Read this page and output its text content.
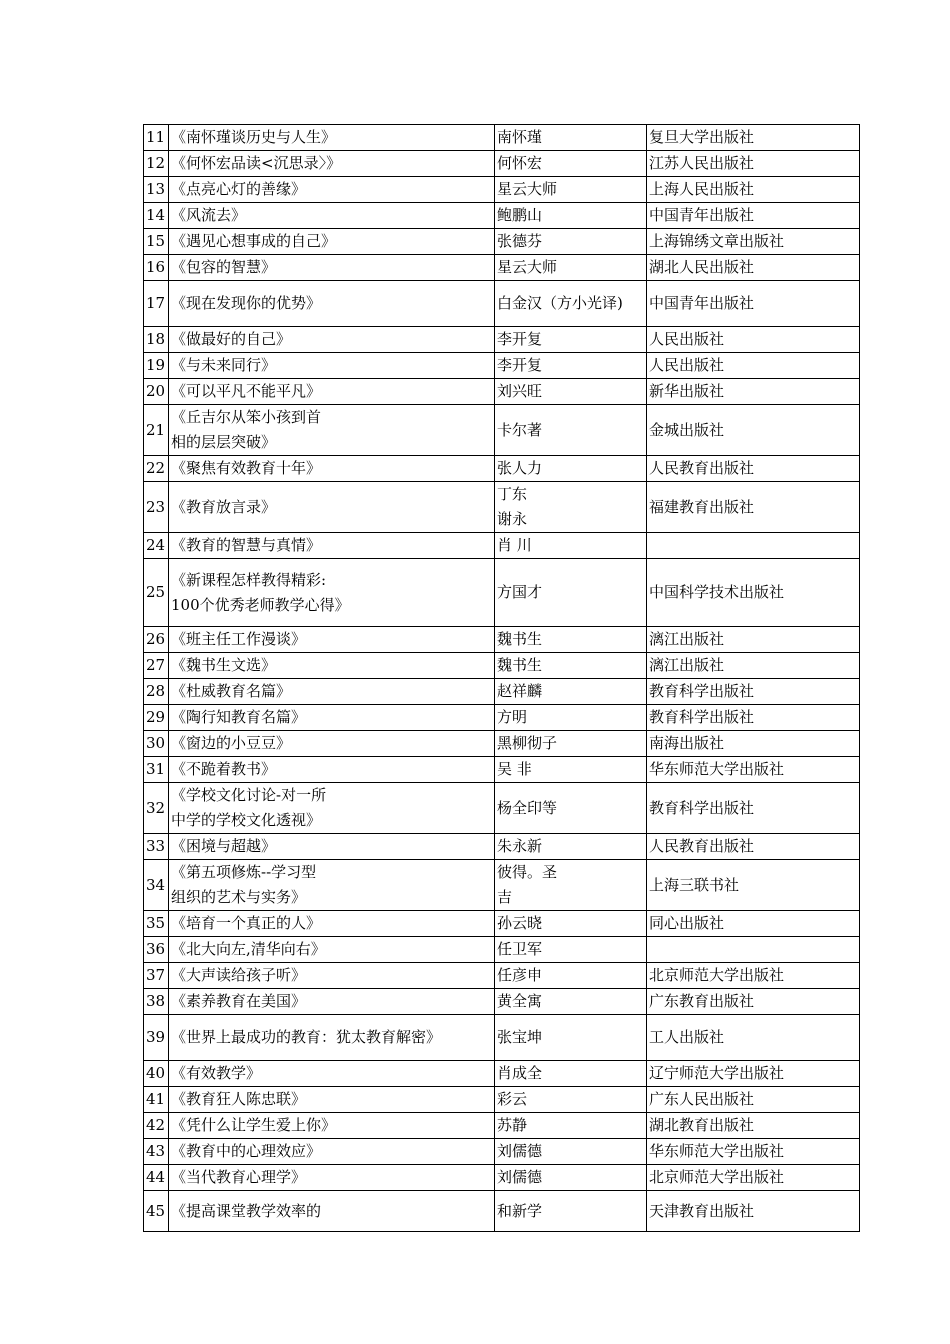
11	《南怀瑾谈历史与人生》	南怀瑾	复旦大学出版社
12	《何怀宏品读<沉思录〉》	何怀宏	江苏人民出版社
13	《点亮心灯的善缘》	星云大师	上海人民出版社
14	《风流去》	鲍鹏山	中国青年出版社
15	《遇见心想事成的自己》	张德芬	上海锦绣文章出版社
16	《包容的智慧》	星云大师	湖北人民出版社
17	《现在发现你的优势》	白金汉（方小光译)	中国青年出版社
18	《做最好的自己》	李开复	人民出版社
19	《与未来同行》	李开复	人民出版社
20	《可以平凡不能平凡》	刘兴旺	新华出版社
21	《丘吉尔从笨小孩到首
相的层层突破》	卡尔著	金城出版社
22	《聚焦有效教育十年》	张人力	人民教育出版社
23	《教育放言录》	丁东
谢永	福建教育出版社
24	《教育的智慧与真情》	肖 川	
25	《新课程怎样教得精彩:
100个优秀老师教学心得》	方国才	中国科学技术出版社
26	《班主任工作漫谈》	魏书生	漓江出版社
27	《魏书生文选》	魏书生	漓江出版社
28	《杜威教育名篇》	赵祥麟	教育科学出版社
29	《陶行知教育名篇》	方明	教育科学出版社
30	《窗边的小豆豆》	黑柳彻子	南海出版社
31	《不跪着教书》	吴 非	华东师范大学出版社
32	《学校文化讨论-对一所
中学的学校文化透视》	杨全印等	教育科学出版社
33	《困境与超越》	朱永新	人民教育出版社
34	《第五项修炼--学习型
组织的艺术与实务》	彼得。圣
吉	上海三联书社
35	《培育一个真正的人》	孙云晓	同心出版社
36	《北大向左,清华向右》	任卫军	
37	《大声读给孩子听》	任彦申	北京师范大学出版社
38	《素养教育在美国》	黄全寓	广东教育出版社
39	《世界上最成功的教育：犹太教育解密》	张宝坤	工人出版社
40	《有效教学》	肖成全	辽宁师范大学出版社
41	《教育狂人陈忠联》	彩云	广东人民出版社
42	《凭什么让学生爱上你》	苏静	湖北教育出版社
43	《教育中的心理效应》	刘儒德	华东师范大学出版社
44	《当代教育心理学》	刘儒德	北京师范大学出版社
45	《提高课堂教学效率的	和新学	天津教育出版社
